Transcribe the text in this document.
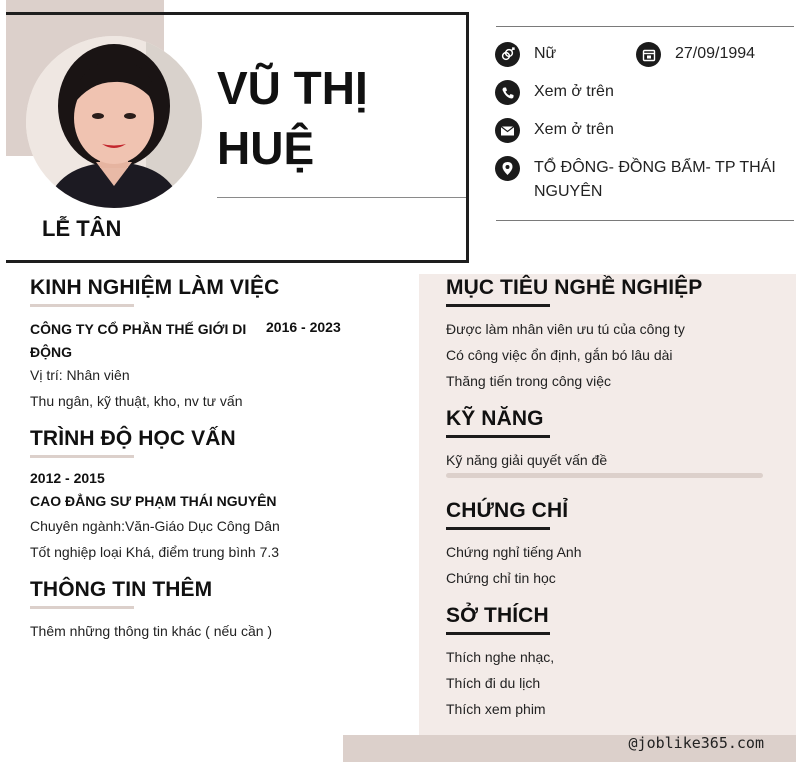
VŨ THỊ
HUỆ
LỄ TÂN
Nữ	27/09/1994
Xem ở trên
Xem ở trên
TỔ ĐÔNG- ĐỒNG BẨM- TP THÁI
NGUYÊN
@joblike365.com
KINH NGHIỆM LÀM VIỆC
CÔNG TY CỔ PHẦN THẾ GIỚI DI
ĐỘNG
2016 - 2023
Vị trí: Nhân viên
Thu ngân, kỹ thuật, kho, nv tư vấn
TRÌNH ĐỘ HỌC VẤN
2012 - 2015
CAO ĐẲNG SƯ PHẠM THÁI NGUYÊN
Chuyên ngành:Văn-Giáo Dục Công Dân
Tốt nghiệp loại Khá, điểm trung bình 7.3
THÔNG TIN THÊM
Thêm những thông tin khác ( nếu cần )
MỤC TIÊU NGHỀ NGHIỆP
Được làm nhân viên ưu tú của công ty
Có công việc ổn định, gắn bó lâu dài
Thăng tiến trong công việc
KỸ NĂNG
Kỹ năng giải quyết vấn đề
CHỨNG CHỈ
Chứng nghỉ tiếng Anh
Chứng chỉ tin học
SỞ THÍCH
Thích nghe nhạc,
Thích đi du lịch
Thích xem phim
